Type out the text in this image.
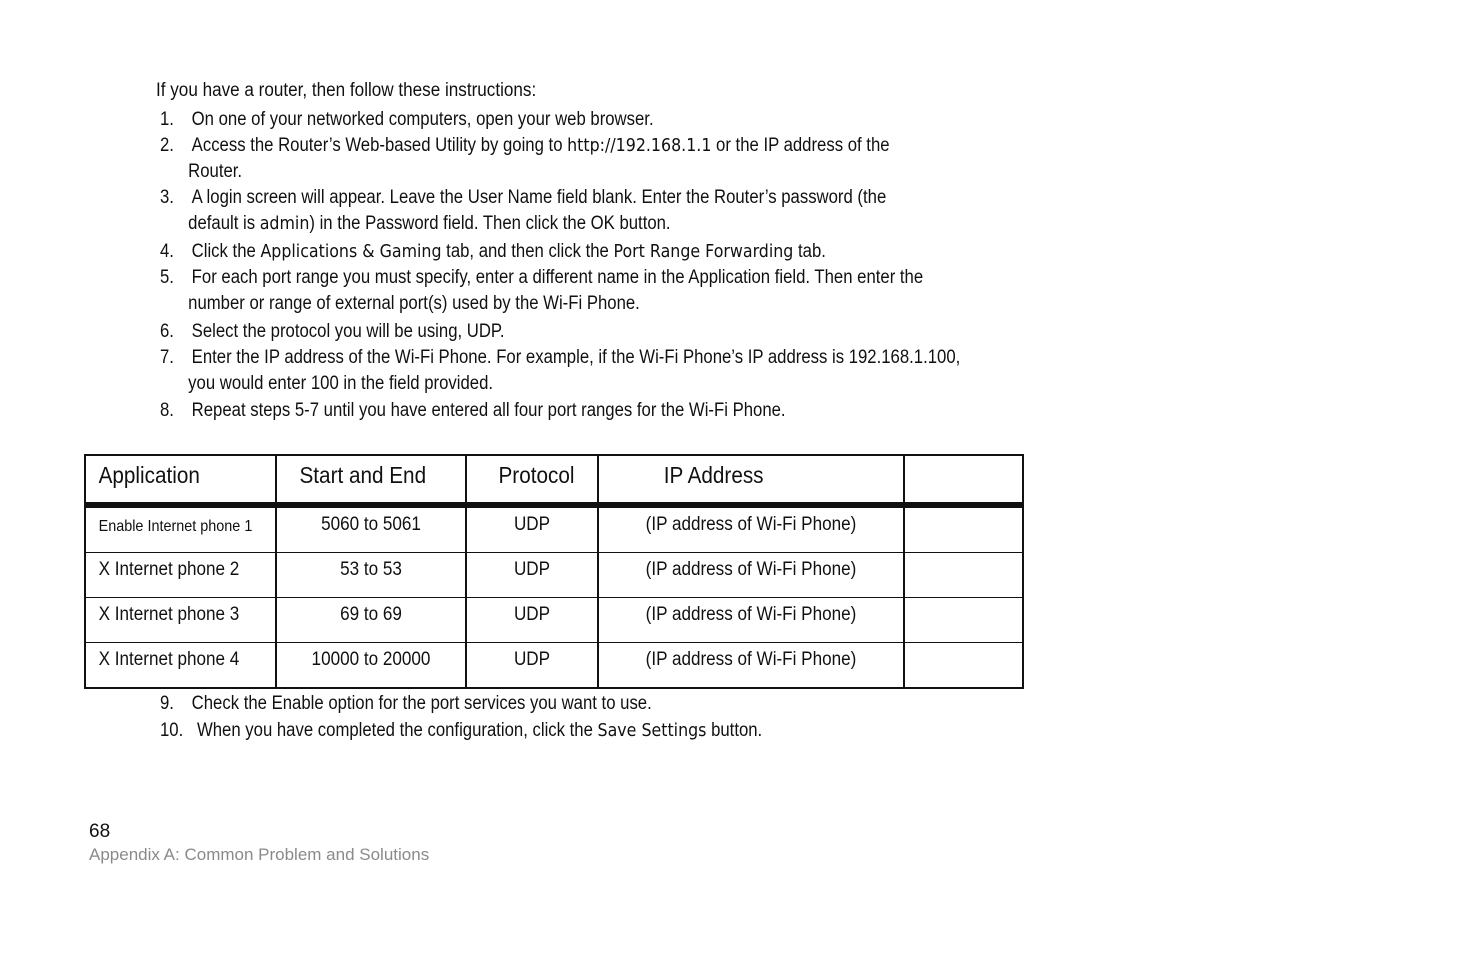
If you have a router, then follow these instructions:
1. On one of your networked computers, open your web browser.
2. Access the Router’s Web-based Utility by going to http://192.168.1.1 or the IP address of the
Router.
3. A login screen will appear. Leave the User Name field blank. Enter the Router’s password (the
default is admin) in the Password field. Then click the OK button.
4. Click the Applications & Gaming tab, and then click the Port Range Forwarding tab.
5. For each port range you must specify, enter a different name in the Application field. Then enter the
number or range of external port(s) used by the Wi-Fi Phone.
6. Select the protocol you will be using, UDP.
7. Enter the IP address of the Wi-Fi Phone. For example, if the Wi-Fi Phone’s IP address is 192.168.1.100,
you would enter 100 in the field provided.
8. Repeat steps 5-7 until you have entered all four port ranges for the Wi-Fi Phone.
9. Check the Enable option for the port services you want to use.
10. When you have completed the configuration, click the Save Settings button.
Application	Start and End	Protocol	IP Address	

Enable Internet phone 1	5060 to 5061	UDP	(IP address of Wi-Fi Phone)	

X Internet phone 2	53 to 53	UDP	(IP address of Wi-Fi Phone)	

X Internet phone 3	69 to 69	UDP	(IP address of Wi-Fi Phone)	

X Internet phone 4	10000 to 20000	UDP	(IP address of Wi-Fi Phone)	

68
Appendix A: Common Problem and Solutions
